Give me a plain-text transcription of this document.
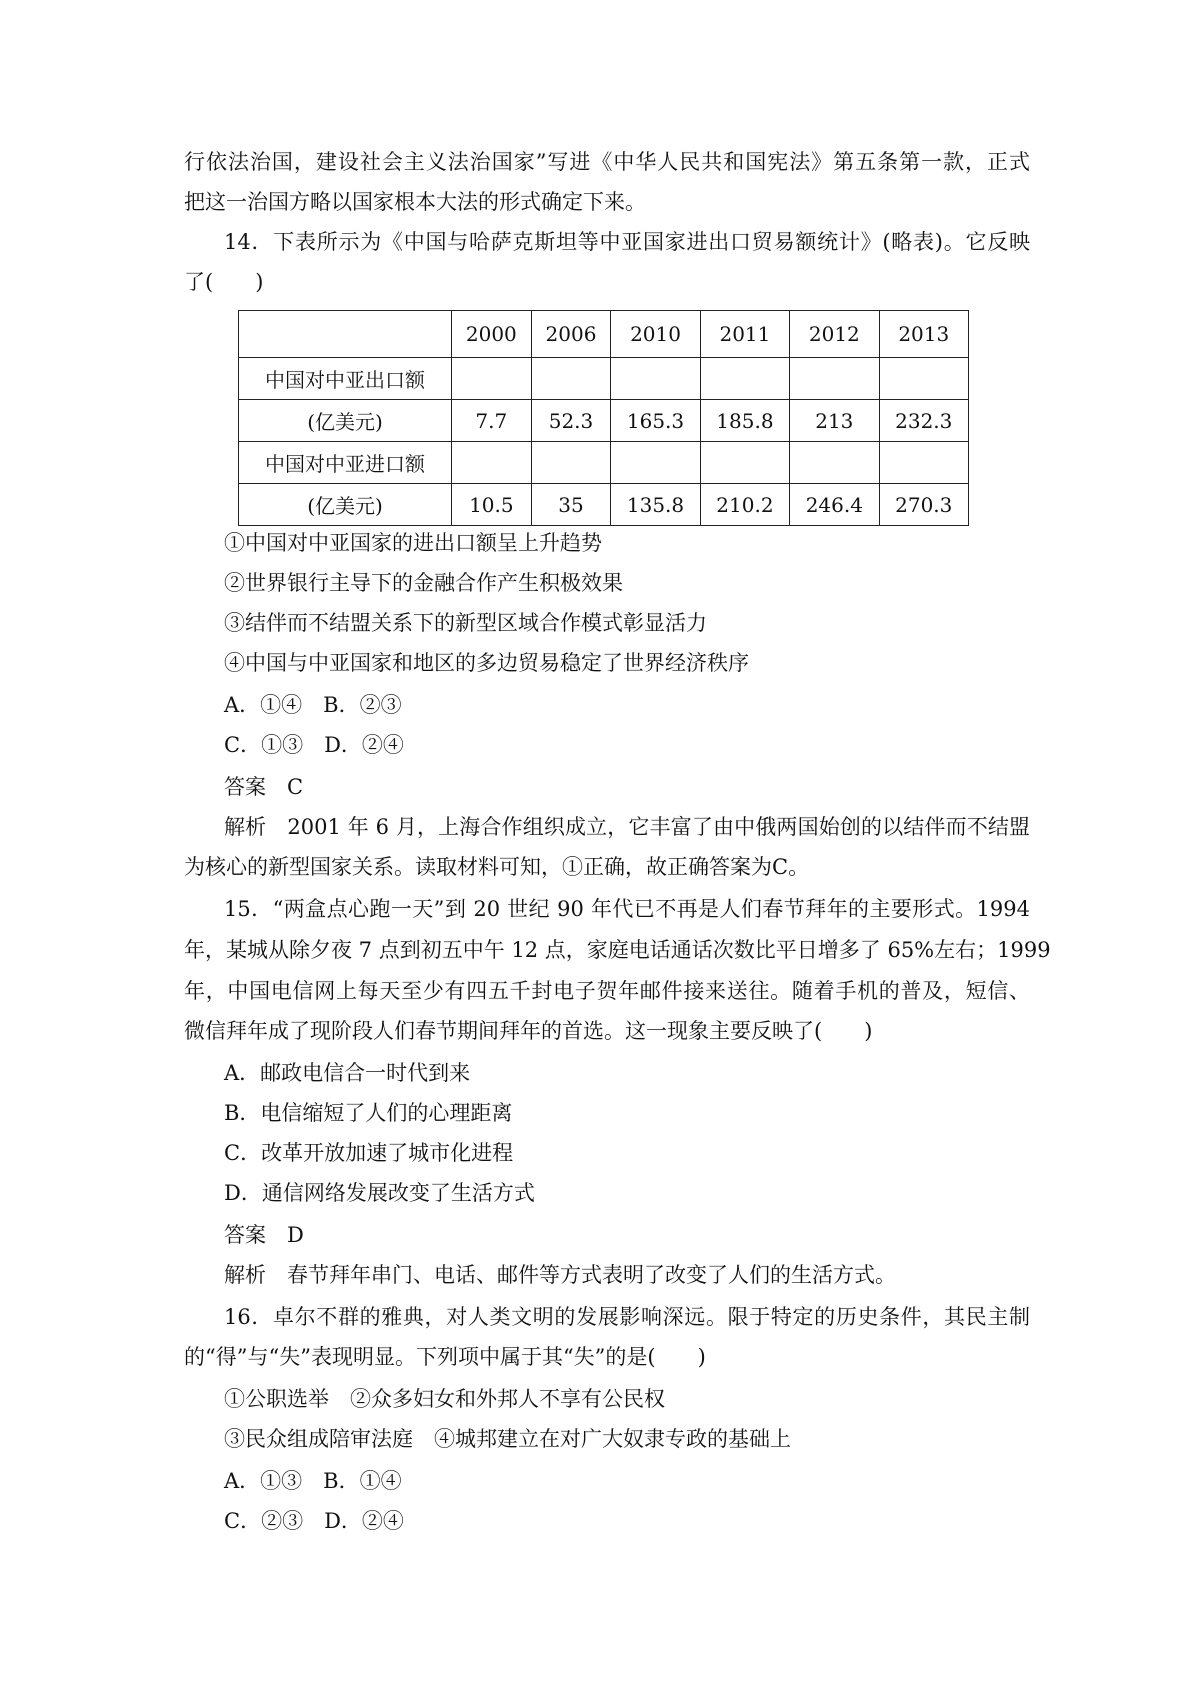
行依法治国，建设社会主义法治国家”写进《中华人民共和国宪法》第五条第一款，正式
把这一治国方略以国家根本大法的形式确定下来。
14．下表所示为《中国与哈萨克斯坦等中亚国家进出口贸易额统计》(略表)。它反映
了(　　)
	2000	2006	2010	2011	2012	2013
中国对中亚出口额						
(亿美元)	7.7	52.3	165.3	185.8	213	232.3
中国对中亚进口额						
(亿美元)	10.5	35	135.8	210.2	246.4	270.3
①中国对中亚国家的进出口额呈上升趋势
②世界银行主导下的金融合作产生积极效果
③结伴而不结盟关系下的新型区域合作模式彰显活力
④中国与中亚国家和地区的多边贸易稳定了世界经济秩序
A．①④　B．②③
C．①③　D．②④
答案　C
解析　2001 年 6 月，上海合作组织成立，它丰富了由中俄两国始创的以结伴而不结盟
为核心的新型国家关系。读取材料可知，①正确，故正确答案为C。
15．“两盒点心跑一天”到 20 世纪 90 年代已不再是人们春节拜年的主要形式。1994
年，某城从除夕夜 7 点到初五中午 12 点，家庭电话通话次数比平日增多了 65%左右；1999
年，中国电信网上每天至少有四五千封电子贺年邮件接来送往。随着手机的普及，短信、
微信拜年成了现阶段人们春节期间拜年的首选。这一现象主要反映了(　　)
A．邮政电信合一时代到来
B．电信缩短了人们的心理距离
C．改革开放加速了城市化进程
D．通信网络发展改变了生活方式
答案　D
解析　春节拜年串门、电话、邮件等方式表明了改变了人们的生活方式。
16．卓尔不群的雅典，对人类文明的发展影响深远。限于特定的历史条件，其民主制
的“得”与“失”表现明显。下列项中属于其“失”的是(　　)
①公职选举　②众多妇女和外邦人不享有公民权
③民众组成陪审法庭　④城邦建立在对广大奴隶专政的基础上
A．①③　B．①④
C．②③　D．②④
